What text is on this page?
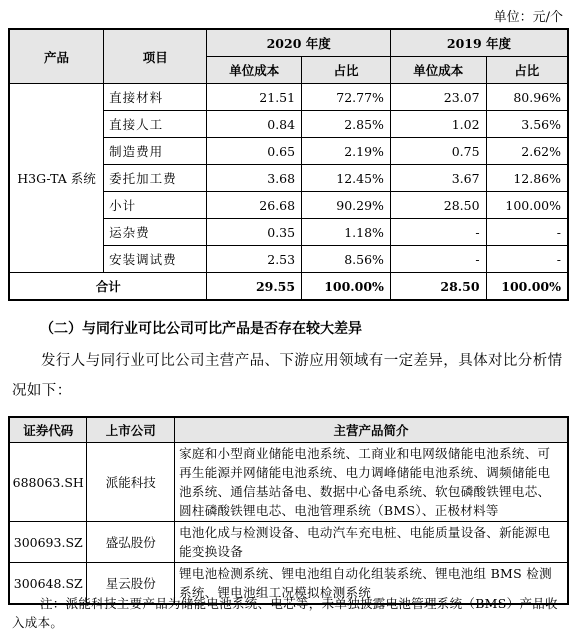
单位：元/个
产品	项目	2020 年度		2019 年度	
		单位成本	占比	单位成本	占比
H3G-TA 系统	直接材料	21.51	72.77%	23.07	80.96%
	直接人工	0.84	2.85%	1.02	3.56%
	制造费用	0.65	2.19%	0.75	2.62%
	委托加工费	3.68	12.45%	3.67	12.86%
	小计	26.68	90.29%	28.50	100.00%
	运杂费	0.35	1.18%	-	-
	安装调试费	2.53	8.56%	-	-
合计		29.55	100.00%	28.50	100.00%
（二）与同行业可比公司可比产品是否存在较大差异
发行人与同行业可比公司主营产品、下游应用领域有一定差异，具体对比分析情况如下：
证券代码	上市公司	主营产品简介
688063.SH	派能科技	家庭和小型商业储能电池系统、工商业和电网级储能电池系统、可再生能源并网储能电池系统、电力调峰储能电池系统、调频储能电池系统、通信基站备电、数据中心备电系统、软包磷酸铁锂电芯、圆柱磷酸铁锂电芯、电池管理系统（BMS）、正极材料等
300693.SZ	盛弘股份	电池化成与检测设备、电动汽车充电桩、电能质量设备、新能源电能变换设备
300648.SZ	星云股份	锂电池检测系统、锂电池组自动化组装系统、锂电池组 BMS 检测系统、锂电池组工况模拟检测系统
注：派能科技主要产品为储能电池系统、电芯等，未单独披露电池管理系统（BMS）产品收入成本。
